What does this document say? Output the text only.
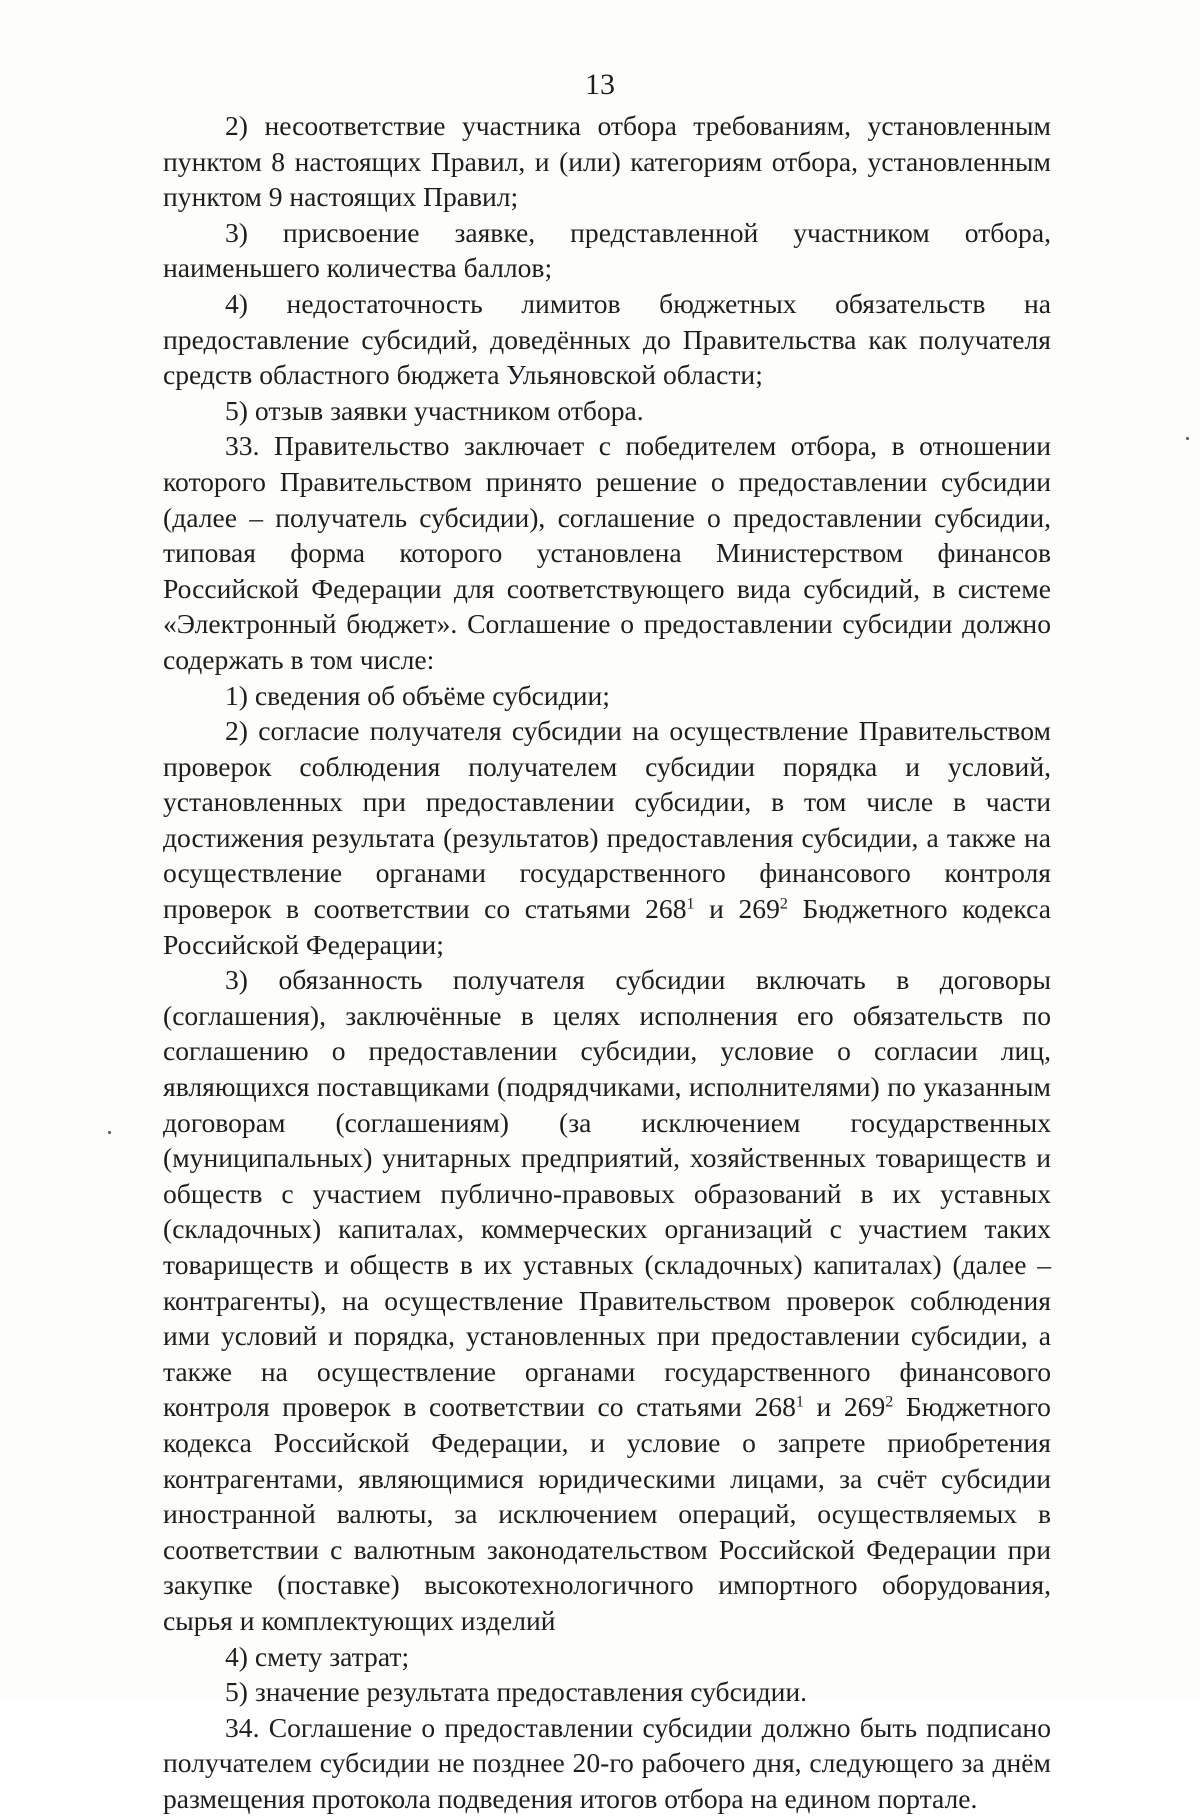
13

2) несоответствие участника отбора требованиям, установленным пунктом 8 настоящих Правил, и (или) категориям отбора, установленным пунктом 9 настоящих Правил;

3) присвоение заявке, представленной участником отбора, наименьшего количества баллов;

4) недостаточность лимитов бюджетных обязательств на предоставление субсидий, доведённых до Правительства как получателя средств областного бюджета Ульяновской области;

5) отзыв заявки участником отбора.

33. Правительство заключает с победителем отбора, в отношении которого Правительством принято решение о предоставлении субсидии (далее – получатель субсидии), соглашение о предоставлении субсидии, типовая форма которого установлена Министерством финансов Российской Федерации для соответствующего вида субсидий, в системе «Электронный бюджет». Соглашение о предоставлении субсидии должно содержать в том числе:

1) сведения об объёме субсидии;

2) согласие получателя субсидии на осуществление Правительством проверок соблюдения получателем субсидии порядка и условий, установленных при предоставлении субсидии, в том числе в части достижения результата (результатов) предоставления субсидии, а также на осуществление органами государственного финансового контроля проверок в соответствии со статьями $268^1$ и $269^2$ Бюджетного кодекса Российской Федерации;

3) обязанность получателя субсидии включать в договоры (соглашения), заключённые в целях исполнения его обязательств по соглашению о предоставлении субсидии, условие о согласии лиц, являющихся поставщиками (подрядчиками, исполнителями) по указанным договорам (соглашениям) (за исключением государственных (муниципальных) унитарных предприятий, хозяйственных товариществ и обществ с участием публично-правовых образований в их уставных (складочных) капиталах, коммерческих организаций с участием таких товариществ и обществ в их уставных (складочных) капиталах) (далее – контрагенты), на осуществление Правительством проверок соблюдения ими условий и порядка, установленных при предоставлении субсидии, а также на осуществление органами государственного финансового контроля проверок в соответствии со статьями $268^1$ и $269^2$ Бюджетного кодекса Российской Федерации, и условие о запрете приобретения контрагентами, являющимися юридическими лицами, за счёт субсидии иностранной валюты, за исключением операций, осуществляемых в соответствии с валютным законодательством Российской Федерации при закупке (поставке) высокотехнологичного импортного оборудования, сырья и комплектующих изделий

4) смету затрат;

5) значение результата предоставления субсидии.

34. Соглашение о предоставлении субсидии должно быть подписано получателем субсидии не позднее 20-го рабочего дня, следующего за днём размещения протокола подведения итогов отбора на едином портале.
